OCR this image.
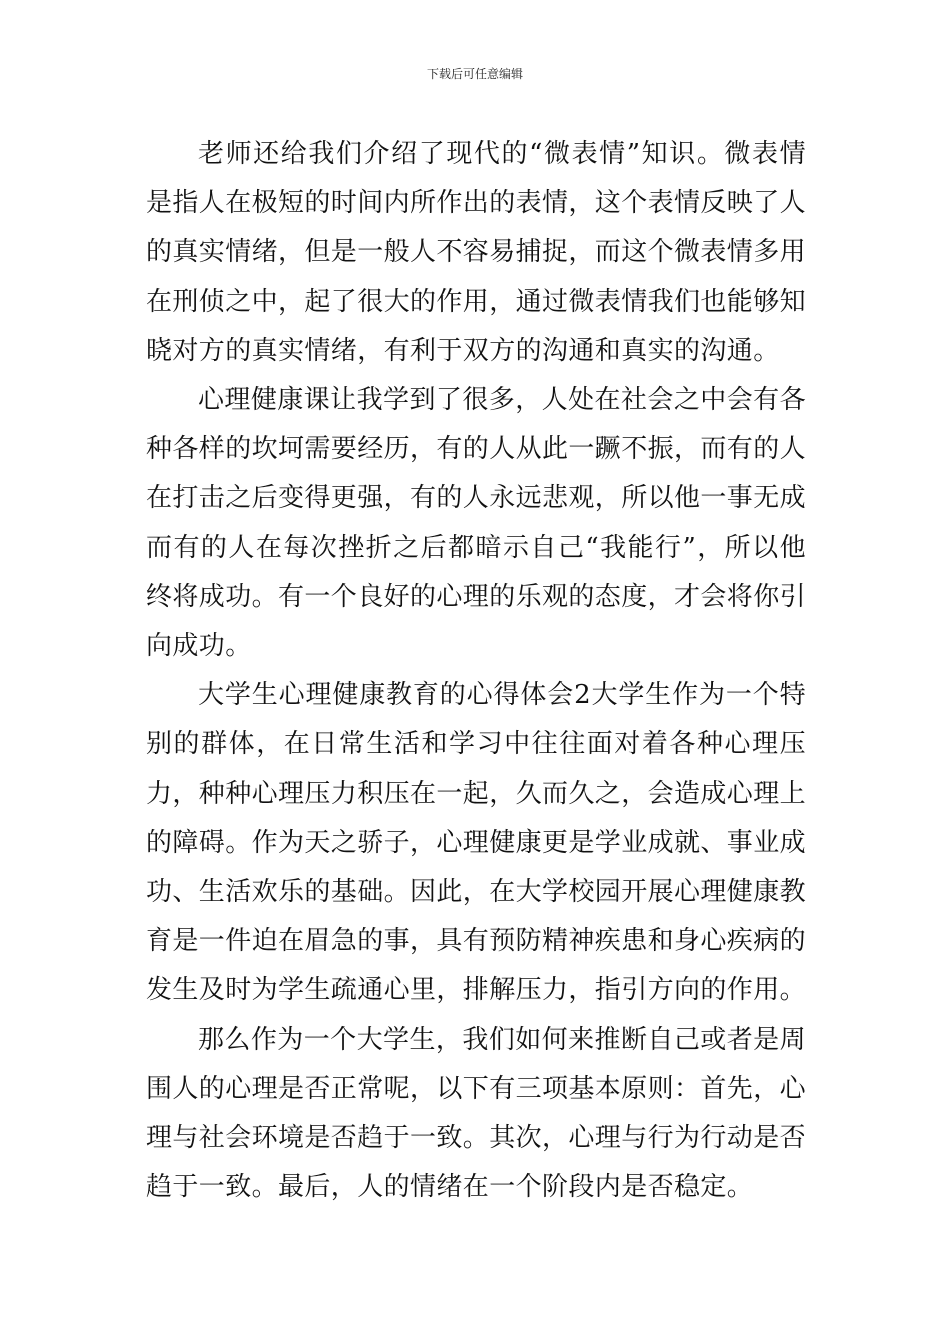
下载后可任意编辑

老师还给我们介绍了现代的“微表情”知识。微表情是指人在极短的时间内所作出的表情，这个表情反映了人的真实情绪，但是一般人不容易捕捉，而这个微表情多用在刑侦之中，起了很大的作用，通过微表情我们也能够知晓对方的真实情绪，有利于双方的沟通和真实的沟通。

心理健康课让我学到了很多，人处在社会之中会有各种各样的坎坷需要经历，有的人从此一蹶不振，而有的人在打击之后变得更强，有的人永远悲观，所以他一事无成而有的人在每次挫折之后都暗示自己“我能行”，所以他终将成功。有一个良好的心理的乐观的态度，才会将你引向成功。

大学生心理健康教育的心得体会2大学生作为一个特别的群体，在日常生活和学习中往往面对着各种心理压力，种种心理压力积压在一起，久而久之，会造成心理上的障碍。作为天之骄子，心理健康更是学业成就、事业成功、生活欢乐的基础。因此，在大学校园开展心理健康教育是一件迫在眉急的事，具有预防精神疾患和身心疾病的发生及时为学生疏通心里，排解压力，指引方向的作用。

那么作为一个大学生，我们如何来推断自己或者是周围人的心理是否正常呢，以下有三项基本原则：首先，心理与社会环境是否趋于一致。其次，心理与行为行动是否趋于一致。最后，人的情绪在一个阶段内是否稳定。
